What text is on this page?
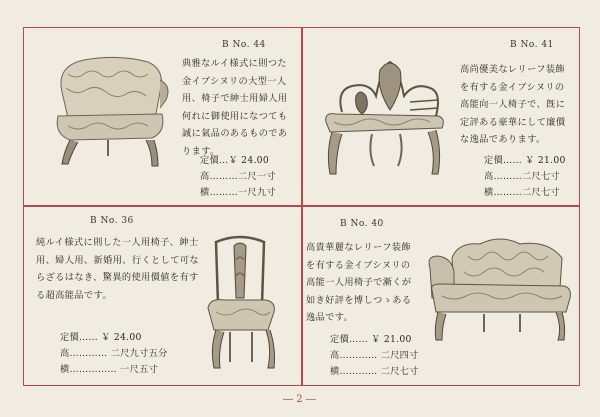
B No. 44
典雅なルイ様式に則つた
金イブシヌリの大型一人
用、椅子で紳士用婦人用
何れに御使用になつても
誠に氣品のあるものであ
ります。
定價…￥ 24.00
高………二尺一寸
横………一尺九寸
B No. 41
高尚優美なレリーフ装飾
を有する金イブシヌリの
高能向一人椅子で、旣に
定評ある豪華にして廉價
な逸品であります。
定價…… ￥ 21.00
高………二尺七寸
横………二尺七寸
B No. 36
純ルイ様式に則した一人用椅子、紳士
用、婦人用、新婚用、行くとして可な
らざるはなき、驚異的使用價値を有す
る超高能品です。
定價…… ￥ 24.00
高………… 二尺九寸五分
横…………… 一尺五寸
B No. 40
高貴華麗なレリーフ装飾
を有する金イブシヌリの
高能一人用椅子で漸くが
如き好評を博しつゝある
逸品です。
定價…… ￥ 21.00
高………… 二尺四寸
横………… 二尺七寸
― 2 ―
